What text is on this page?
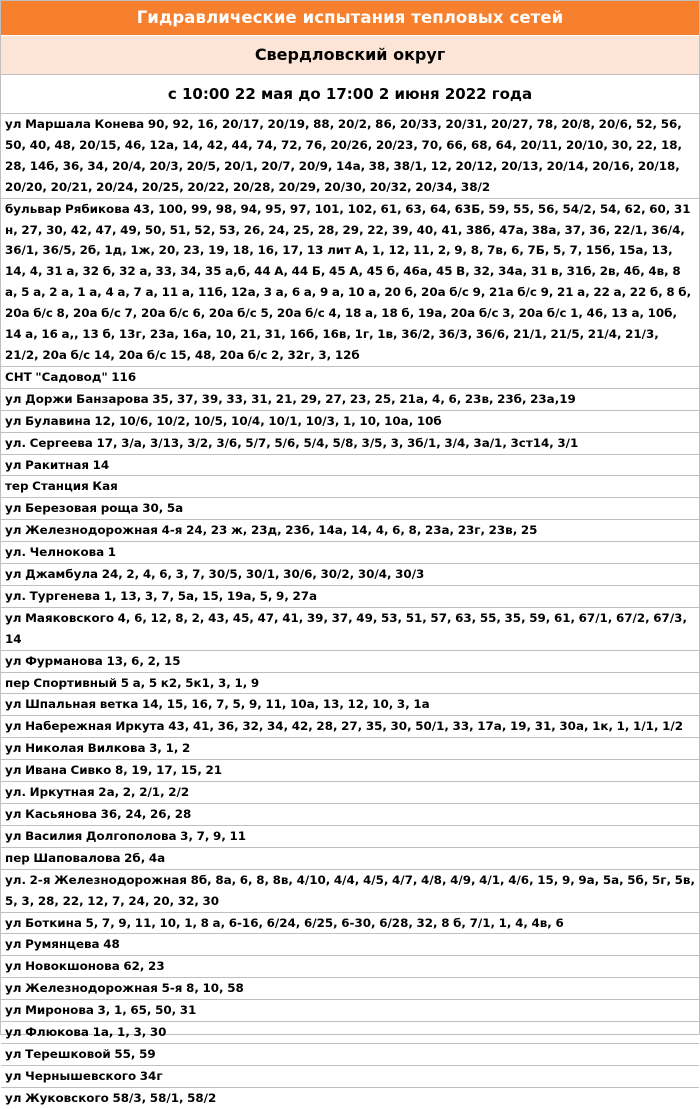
Гидравлические испытания тепловых сетей
Свердловский округ
с 10:00 22 мая до 17:00 2 июня 2022 года
ул Маршала Конева 90, 92, 16, 20/17, 20/19, 88, 20/2, 86, 20/33, 20/31, 20/27, 78, 20/8, 20/6, 52, 56, 50, 40, 48, 20/15, 46, 12а, 14, 42, 44, 74, 72, 76, 20/26, 20/23, 70, 66, 68, 64, 20/11, 20/10, 30, 22, 18, 28, 14б, 36, 34, 20/4, 20/3, 20/5, 20/1, 20/7, 20/9, 14а, 38, 38/1, 12, 20/12, 20/13, 20/14, 20/16, 20/18, 20/20, 20/21, 20/24, 20/25, 20/22, 20/28, 20/29, 20/30, 20/32, 20/34, 38/2
бульвар Рябикова 43, 100, 99, 98, 94, 95, 97, 101, 102, 61, 63, 64, 63Б, 59, 55, 56, 54/2, 54, 62, 60, 31 н, 27, 30, 42, 47, 49, 50, 51, 52, 53, 26, 24, 25, 28, 29, 22, 39, 40, 41, 38б, 47а, 38а, 37, 36, 22/1, 36/4, 36/1, 36/5, 2б, 1д, 1ж, 20, 23, 19, 18, 16, 17, 13 лит А, 1, 12, 11, 2, 9, 8, 7в, 6, 7Б, 5, 7, 15б, 15а, 13, 14, 4, 31 а, 32 б, 32 а, 33, 34, 35 а,б, 44 А, 44 Б, 45 А, 45 б, 46а, 45 В, 32, 34а, 31 в, 31б, 2в, 4б, 4в, 8 а, 5 а, 2 а, 1 а, 4 а, 7 а, 11 а, 11б, 12а, 3 а, 6 а, 9 а, 10 а, 20 б, 20а б/с 9, 21а б/с 9, 21 а, 22 а, 22 б, 8 б, 20а б/с 8, 20а б/с 7, 20а б/с 6, 20а б/с 5, 20а б/с 4, 18 а, 18 б, 19а, 20а б/с 3, 20а б/с 1, 46, 13 а, 10б, 14 а, 16 а,, 13 б, 13г, 23а, 16а, 10, 21, 31, 16б, 16в, 1г, 1в, 36/2, 36/3, 36/6, 21/1, 21/5, 21/4, 21/3, 21/2, 20а б/с 14, 20а б/с 15, 48, 20а б/с 2, 32г, 3, 12б
СНТ "Садовод" 116
ул Доржи Банзарова 35, 37, 39, 33, 31, 21, 29, 27, 23, 25, 21а, 4, 6, 23в, 23б, 23а,19
ул Булавина 12, 10/6, 10/2, 10/5, 10/4, 10/1, 10/3, 1, 10, 10а, 10б
ул. Сергеева 17, 3/а, 3/13, 3/2, 3/6, 5/7, 5/6, 5/4, 5/8, 3/5, 3, 3б/1, 3/4, 3а/1, 3ст14, 3/1
ул Ракитная 14
тер Станция Кая
ул Березовая роща 30, 5а
ул Железнодорожная 4-я 24, 23 ж, 23д, 23б, 14а, 14, 4, 6, 8, 23а, 23г, 23в, 25
ул. Челнокова 1
ул Джамбула 24, 2, 4, 6, 3, 7, 30/5, 30/1, 30/6, 30/2, 30/4, 30/3
ул. Тургенева 1, 13, 3, 7, 5а, 15, 19а, 5, 9, 27а
ул Маяковского 4, 6, 12, 8, 2, 43, 45, 47, 41, 39, 37, 49, 53, 51, 57, 63, 55, 35, 59, 61, 67/1, 67/2, 67/3, 14
ул Фурманова 13, 6, 2, 15
пер Спортивный 5 а, 5 к2, 5к1, 3, 1, 9
ул Шпальная ветка 14, 15, 16, 7, 5, 9, 11, 10а, 13, 12, 10, 3, 1а
ул Набережная Иркута 43, 41, 36, 32, 34, 42, 28, 27, 35, 30, 50/1, 33, 17а, 19, 31, 30а, 1к, 1, 1/1, 1/2
ул Николая Вилкова 3, 1, 2
ул Ивана Сивко 8, 19, 17, 15, 21
ул. Иркутная 2а, 2, 2/1, 2/2
ул Касьянова 36, 24, 26, 28
ул Василия Долгополова 3, 7, 9, 11
пер Шаповалова 2б, 4а
ул. 2-я Железнодорожная 8б, 8а, 6, 8, 8в, 4/10, 4/4, 4/5, 4/7, 4/8, 4/9, 4/1, 4/6, 15, 9, 9а, 5а, 5б, 5г, 5в, 5, 3, 28, 22, 12, 7, 24, 20, 32, 30
ул Боткина 5, 7, 9, 11, 10, 1, 8 а, 6-16, 6/24, 6/25, 6-30, 6/28, 32, 8 б, 7/1, 1, 4, 4в, 6
ул Румянцева 48
ул Новокшонова 62, 23
ул Железнодорожная 5-я 8, 10, 58
ул Миронова 3, 1, 65, 50, 31
ул Флюкова 1а, 1, 3, 30
ул Терешковой 55, 59
ул Чернышевского 34г
ул Жуковского 58/3, 58/1, 58/2
